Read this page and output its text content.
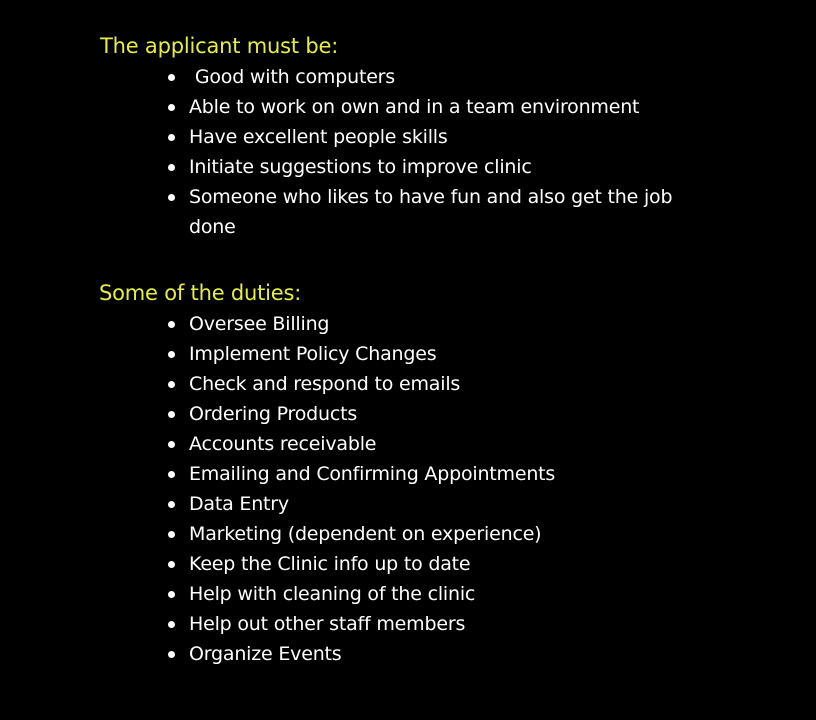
The applicant must be:
Good with computers
Able to work on own and in a team environment
Have excellent people skills
Initiate suggestions to improve clinic
Someone who likes to have fun and also get the job done
Some of the duties:
Oversee Billing
Implement Policy Changes
Check and respond to emails
Ordering Products
Accounts receivable
Emailing and Confirming Appointments
Data Entry
Marketing (dependent on experience)
Keep the Clinic info up to date
Help with cleaning of the clinic
Help out other staff members
Organize Events
